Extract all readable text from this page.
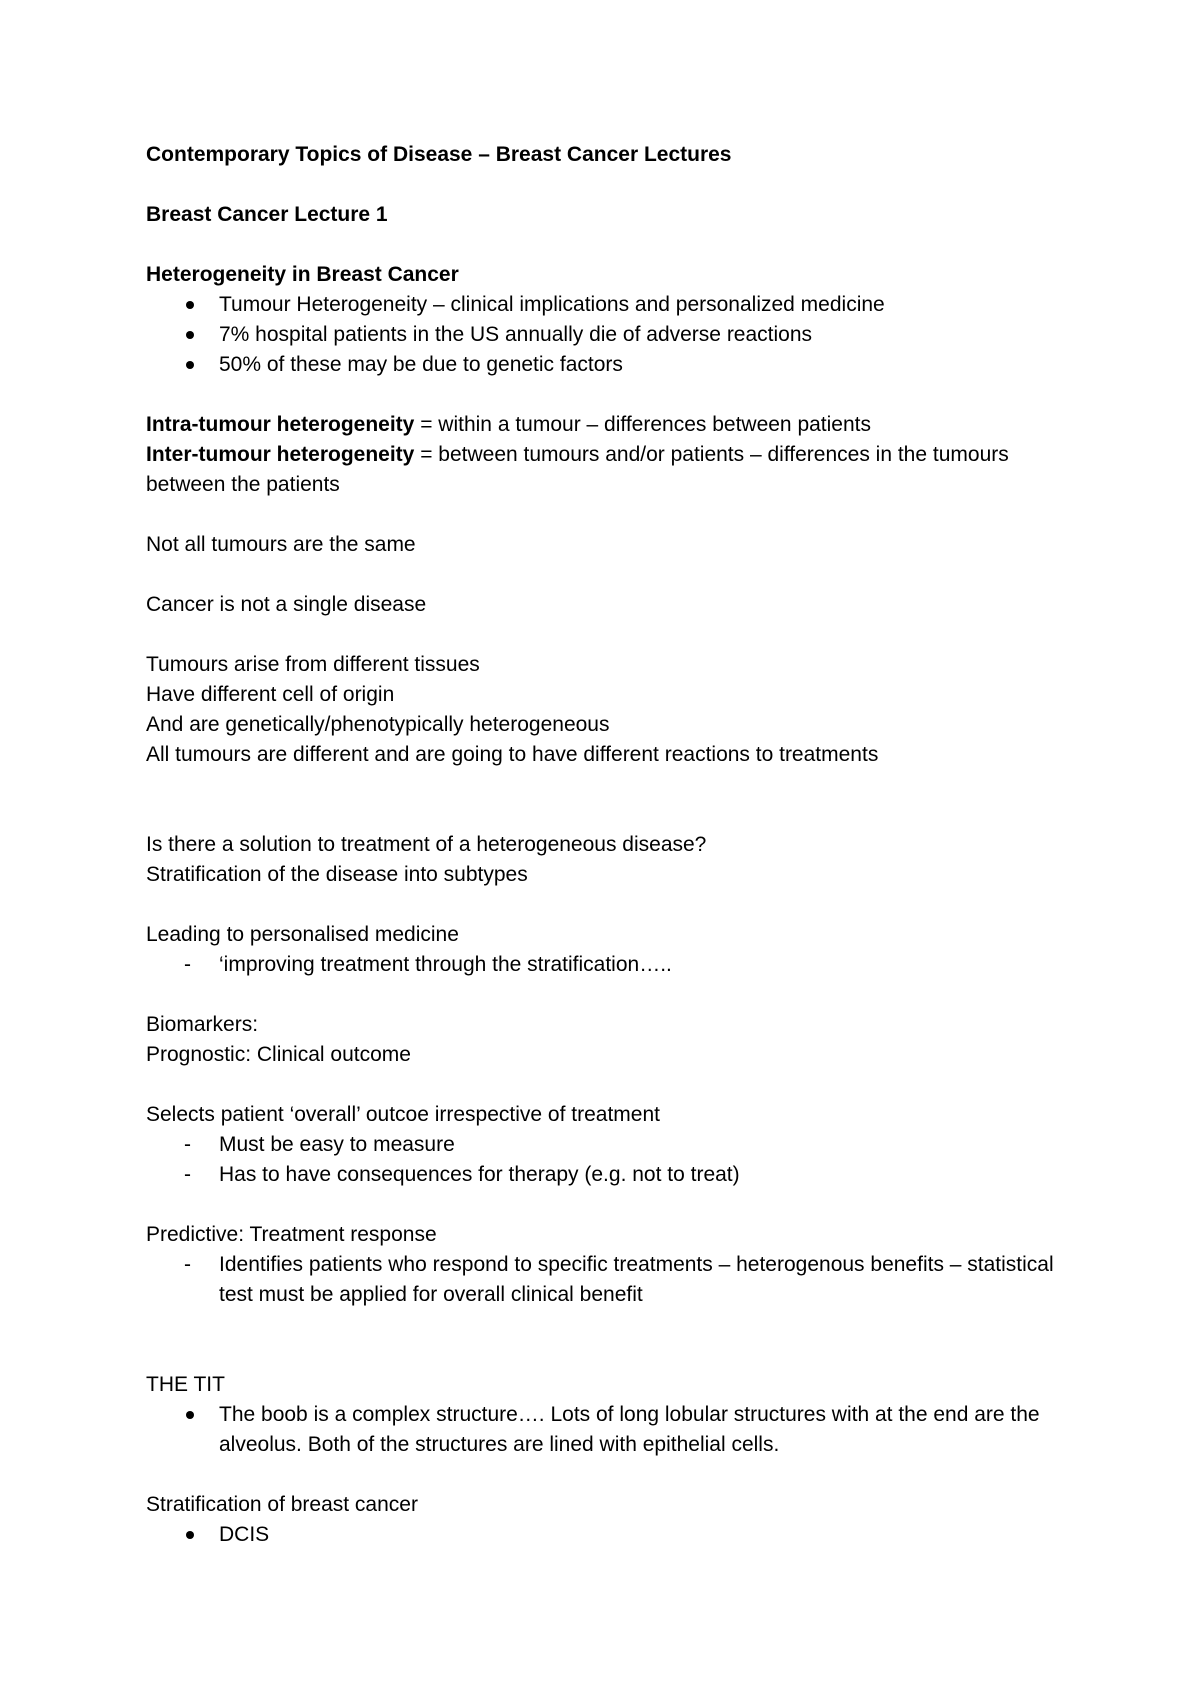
Contemporary Topics of Disease – Breast Cancer Lectures

Breast Cancer Lecture 1

Heterogeneity in Breast Cancer

Tumour Heterogeneity – clinical implications and personalized medicine
7% hospital patients in the US annually die of adverse reactions
50% of these may be due to genetic factors

Intra-tumour heterogeneity = within a tumour – differences between patients

Inter-tumour heterogeneity = between tumours and/or patients – differences in the tumours between the patients

Not all tumours are the same

Cancer is not a single disease

Tumours arise from different tissues

Have different cell of origin

And are genetically/phenotypically heterogeneous

All tumours are different and are going to have different reactions to treatments

Is there a solution to treatment of a heterogeneous disease?

Stratification of the disease into subtypes

Leading to personalised medicine

- ‘improving treatment through the stratification…..

Biomarkers:

Prognostic: Clinical outcome

Selects patient ‘overall’ outcoe irrespective of treatment

- Must be easy to measure
- Has to have consequences for therapy (e.g. not to treat)

Predictive: Treatment response

- Identifies patients who respond to specific treatments – heterogenous benefits – statistical test must be applied for overall clinical benefit

THE TIT

The boob is a complex structure…. Lots of long lobular structures with at the end are the alveolus. Both of the structures are lined with epithelial cells.

Stratification of breast cancer

DCIS
